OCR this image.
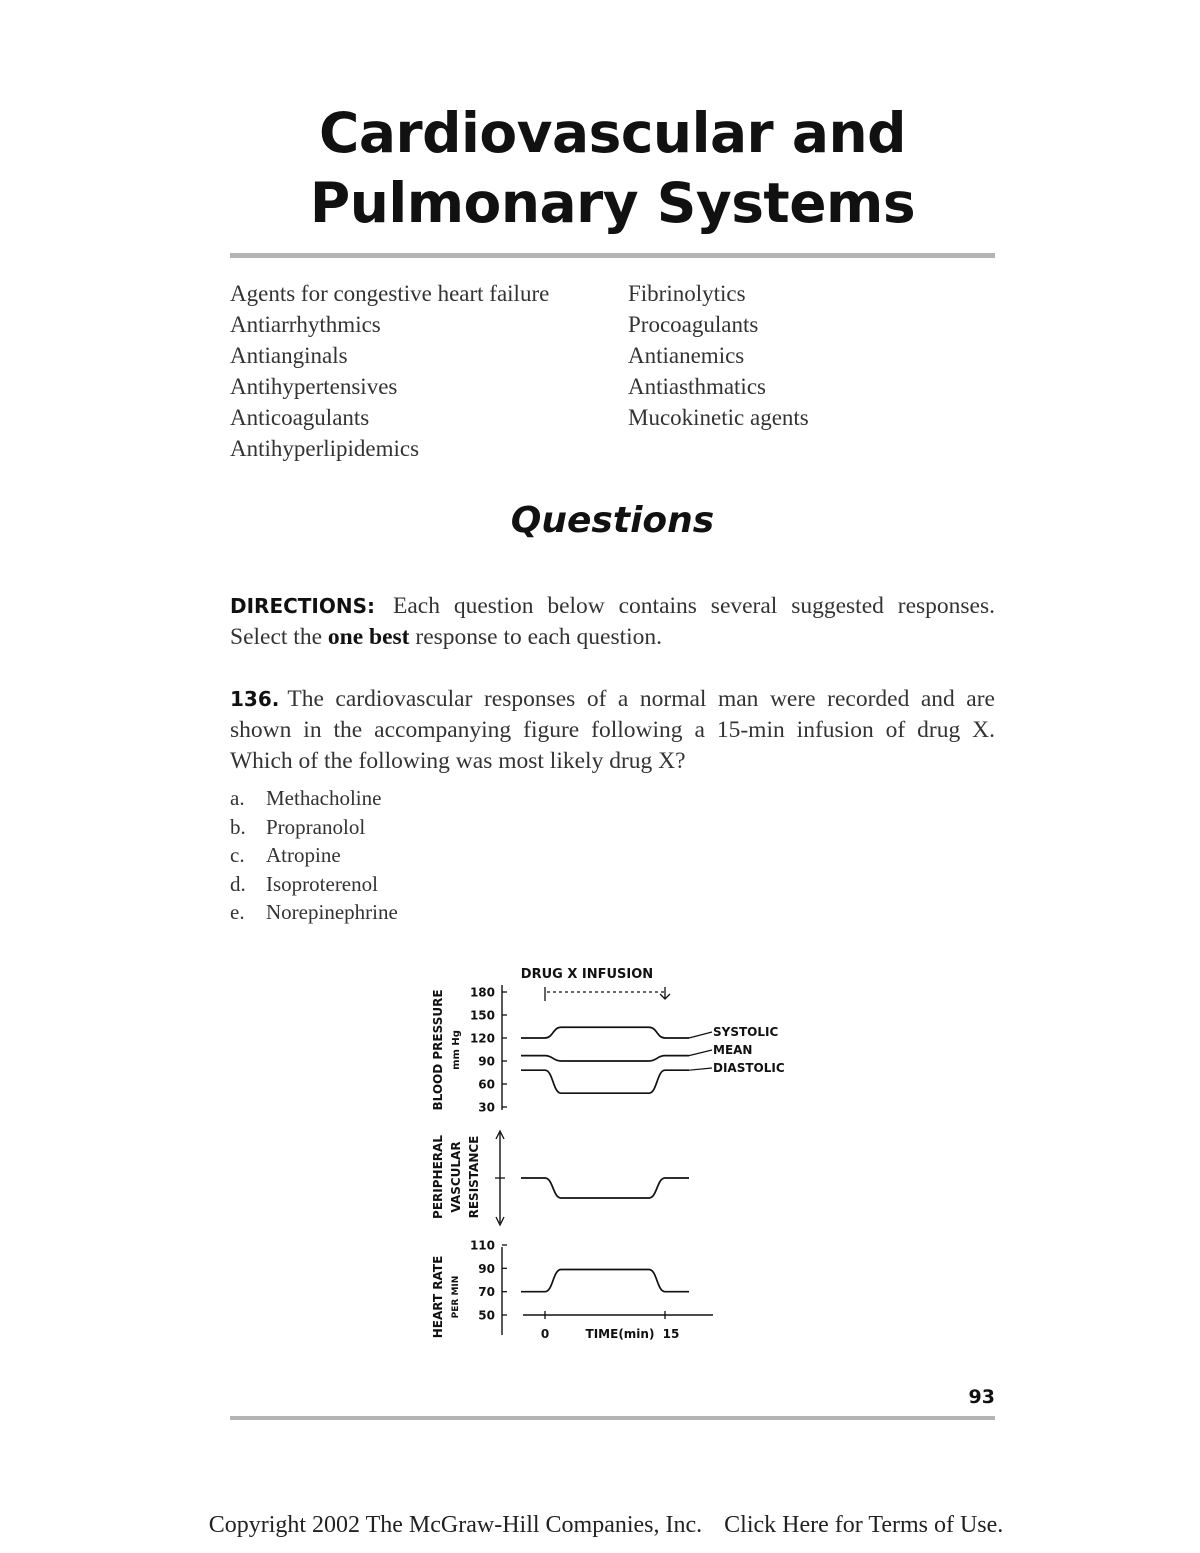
Cardiovascular and
Pulmonary Systems
Agents for congestive heart failure
Antiarrhythmics
Antianginals
Antihypertensives
Anticoagulants
Antihyperlipidemics
Fibrinolytics
Procoagulants
Antianemics
Antiasthmatics
Mucokinetic agents
Questions
DIRECTIONS: Each question below contains several suggested responses. Select the one best response to each question.
136. The cardiovascular responses of a normal man were recorded and are shown in the accompanying figure following a 15-min infusion of drug X. Which of the following was most likely drug X?
a. Methacholine
b. Propranolol
c. Atropine
d. Isoproterenol
e. Norepinephrine
DRUG X INFUSION
180
150
120
90
60
30
BLOOD PRESSURE mm Hg	SYSTOLIC
MEAN
DIASTOLIC
PERIPHERAL VASCULAR RESISTANCE
110
90
70
50
HEART RATE PER MIN
0	15
TIME(min)
93
Copyright 2002 The McGraw-Hill Companies, Inc. Click Here for Terms of Use.
